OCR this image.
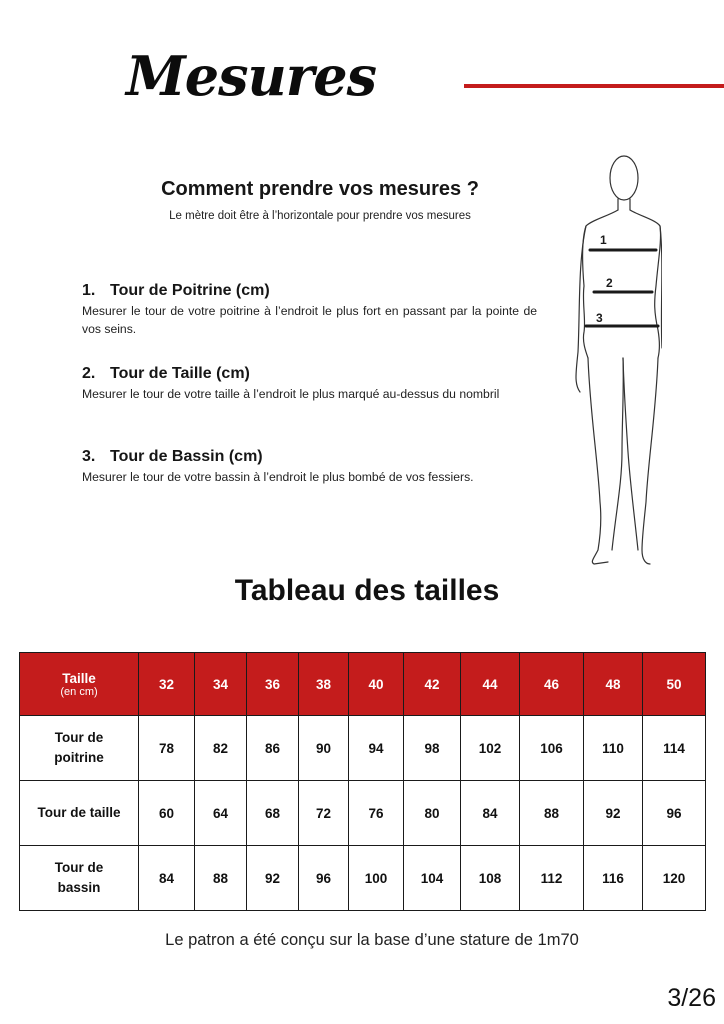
Mesures
Comment prendre vos mesures ?
Le mètre doit être à l’horizontale pour prendre vos mesures
1. Tour de Poitrine (cm)
Mesurer le tour de votre poitrine à l’endroit le plus fort en passant par la pointe de vos seins.
2. Tour de Taille (cm)
Mesurer le tour de votre taille à l’endroit le plus marqué au-dessus du nombril
3. Tour de Bassin (cm)
Mesurer le tour de votre bassin à l’endroit le plus bombé de vos fessiers.
1
2
3
Tableau des tailles
Taille
(en cm)	32	34	36	38	40	42	44	46	48	50
Tour de
poitrine	78	82	86	90	94	98	102	106	110	114
Tour de taille	60	64	68	72	76	80	84	88	92	96
Tour de
bassin	84	88	92	96	100	104	108	112	116	120
Le patron a été conçu sur la base d’une stature de 1m70
3/26
